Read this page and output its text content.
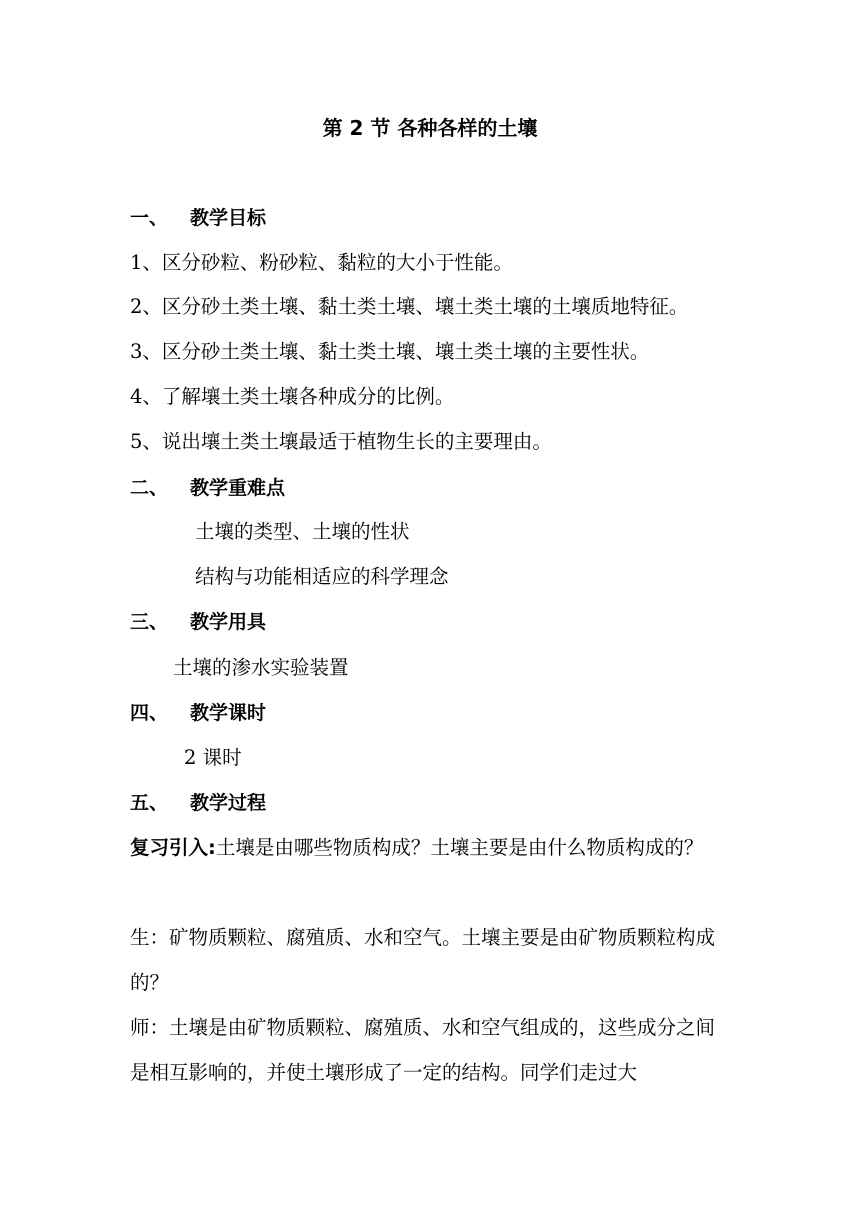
第 2 节 各种各样的土壤
一、 教学目标
1、区分砂粒、粉砂粒、黏粒的大小于性能。
2、区分砂土类土壤、黏土类土壤、壤土类土壤的土壤质地特征。
3、区分砂土类土壤、黏土类土壤、壤土类土壤的主要性状。
4、了解壤土类土壤各种成分的比例。
5、说出壤土类土壤最适于植物生长的主要理由。
二、 教学重难点
土壤的类型、土壤的性状
结构与功能相适应的科学理念
三、 教学用具
土壤的渗水实验装置
四、 教学课时
2 课时
五、 教学过程
复习引入:土壤是由哪些物质构成？土壤主要是由什么物质构成的？
生：矿物质颗粒、腐殖质、水和空气。土壤主要是由矿物质颗粒构成的？
师：土壤是由矿物质颗粒、腐殖质、水和空气组成的，这些成分之间是相互影响的，并使土壤形成了一定的结构。同学们走过大
